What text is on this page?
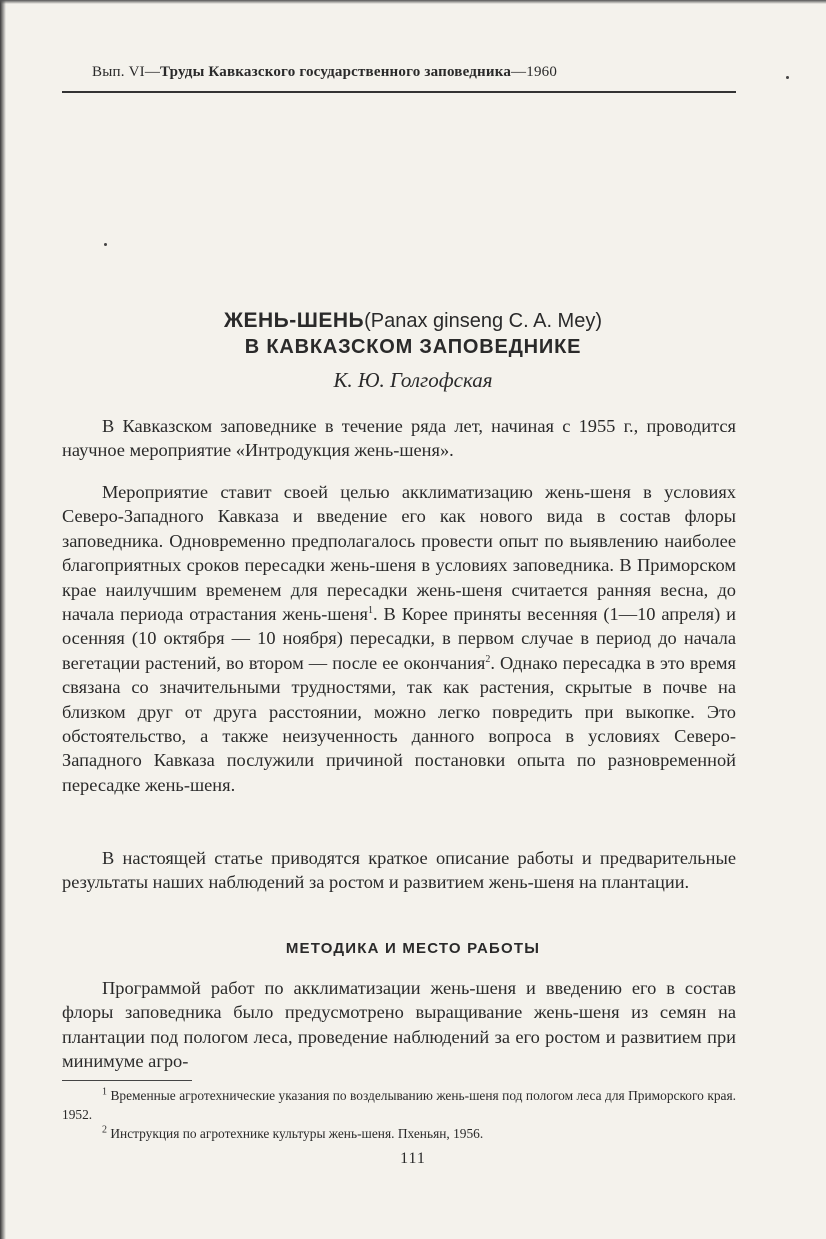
Вып. VI—Труды Кавказского государственного заповедника—1960
ЖЕНЬ-ШЕНЬ(Panax ginseng C. A. Mey)
В КАВКАЗСКОМ ЗАПОВЕДНИКЕ
К. Ю. Голгофская

В Кавказском заповеднике в течение ряда лет, начиная с 1955 г., проводится научное мероприятие «Интродукция жень-шеня».

Мероприятие ставит своей целью акклиматизацию жень-шеня в условиях Северо-Западного Кавказа и введение его как нового вида в состав флоры заповедника. Одновременно предполагалось провести опыт по выявлению наиболее благоприятных сроков пересадки жень-шеня в условиях заповедника. В Приморском крае наилучшим временем для пересадки жень-шеня считается ранняя весна, до начала периода отрастания жень-шеня$^1$. В Корее приняты весенняя (1—10 апреля) и осенняя (10 октября — 10 ноября) пересадки, в первом случае в период до начала вегетации растений, во втором — после ее окончания$^2$. Однако пересадка в это время связана со значительными трудностями, так как растения, скрытые в почве на близком друг от друга расстоянии, можно легко повредить при выкопке. Это обстоятельство, а также неизученность данного вопроса в условиях Северо-Западного Кавказа послужили причиной постановки опыта по разновременной пересадке жень-шеня.

В настоящей статье приводятся краткое описание работы и предварительные результаты наших наблюдений за ростом и развитием жень-шеня на плантации.

МЕТОДИКА И МЕСТО РАБОТЫ

Программой работ по акклиматизации жень-шеня и введению его в состав флоры заповедника было предусмотрено выращивание жень-шеня из семян на плантации под пологом леса, проведение наблюдений за его ростом и развитием при минимуме агро-

$^1$ Временные агротехнические указания по возделыванию жень-шеня под пологом леса для Приморского края. 1952.

$^2$ Инструкция по агротехнике культуры жень-шеня. Пхеньян, 1956.

111
